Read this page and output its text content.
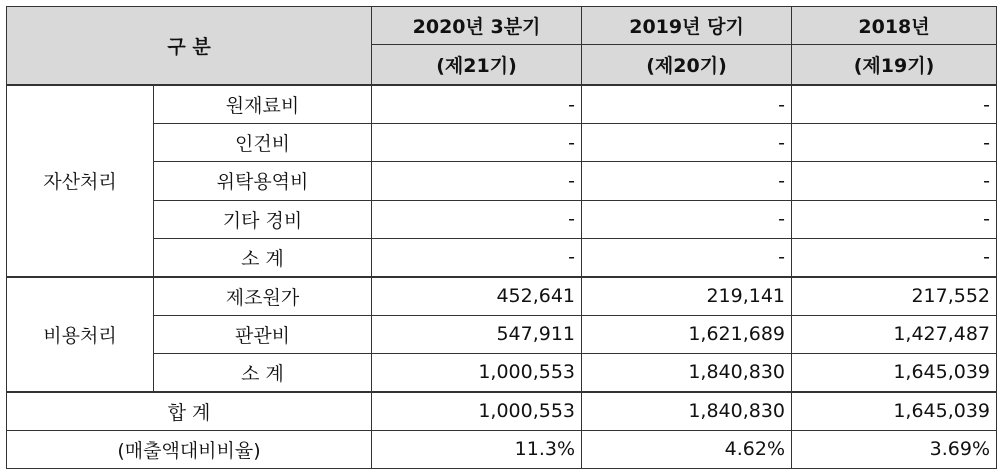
구 분		2020년 3분기	2019년 당기	2018년
		(제21기)	(제20기)	(제19기)
자산처리	원재료비	-	-	-
	인건비	-	-	-
	위탁용역비	-	-	-
	기타 경비	-	-	-
	소 계	-	-	-
비용처리	제조원가	452,641	219,141	217,552
	판관비	547,911	1,621,689	1,427,487
	소 계	1,000,553	1,840,830	1,645,039
합 계		1,000,553	1,840,830	1,645,039
(매출액대비비율)		11.3%	4.62%	3.69%
